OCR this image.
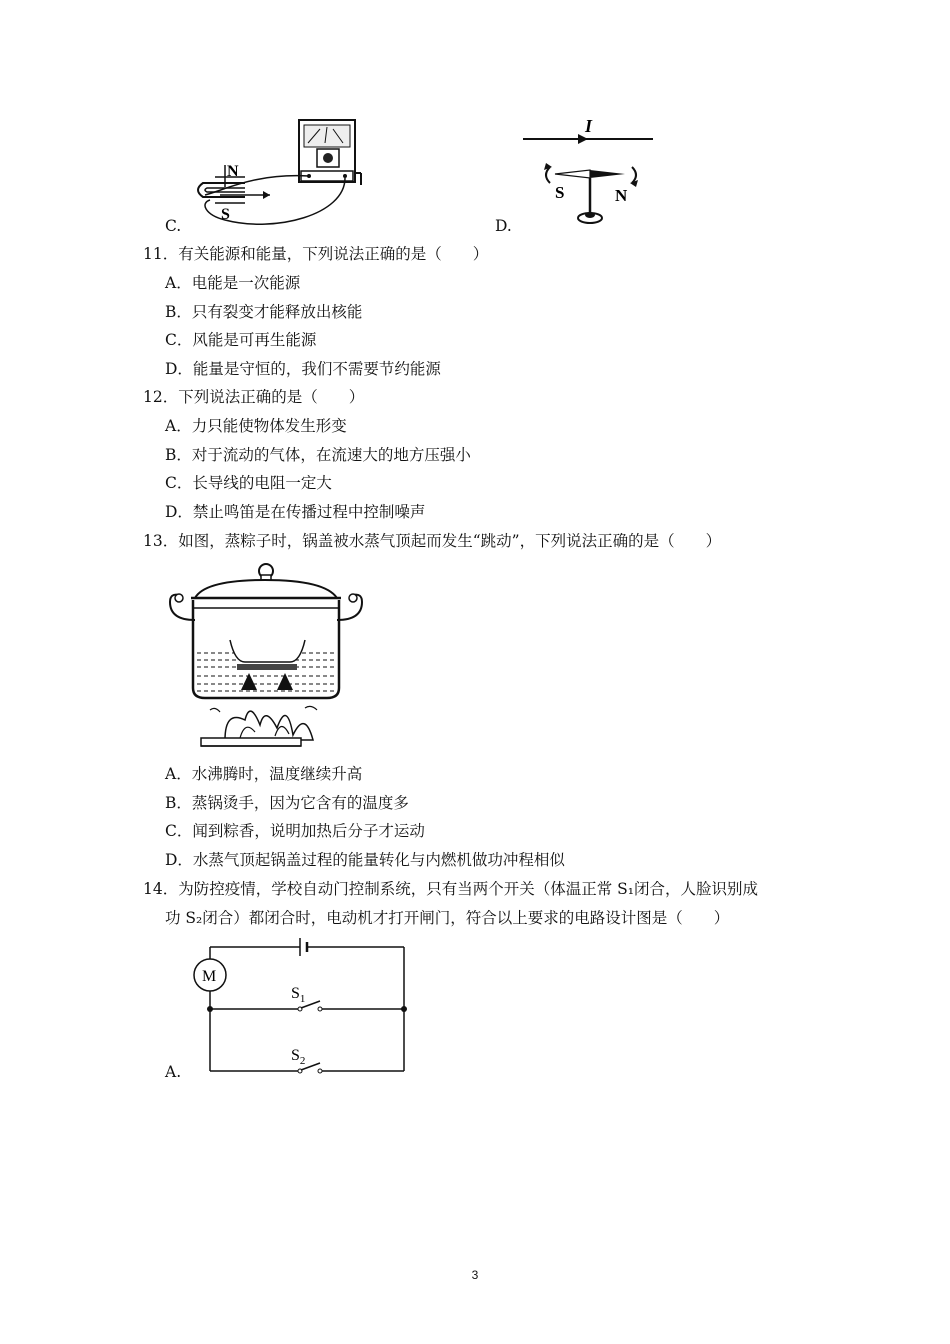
C.	D.
N
S
I
S	N
11．有关能源和能量，下列说法正确的是（　　）
A．电能是一次能源
B．只有裂变才能释放出核能
C．风能是可再生能源
D．能量是守恒的，我们不需要节约能源
12．下列说法正确的是（　　）
A．力只能使物体发生形变
B．对于流动的气体，在流速大的地方压强小
C．长导线的电阻一定大
D．禁止鸣笛是在传播过程中控制噪声
13．如图，蒸粽子时，锅盖被水蒸气顶起而发生“跳动”，下列说法正确的是（　　）
A．水沸腾时，温度继续升高
B．蒸锅烫手，因为它含有的温度多
C．闻到粽香，说明加热后分子才运动
D．水蒸气顶起锅盖过程的能量转化与内燃机做功冲程相似
14．为防控疫情，学校自动门控制系统，只有当两个开关（体温正常 S₁闭合，人脸识别成
功 S₂闭合）都闭合时，电动机才打开闸门，符合以上要求的电路设计图是（　　）
A.
M
$S_1$
$S_2$
3
